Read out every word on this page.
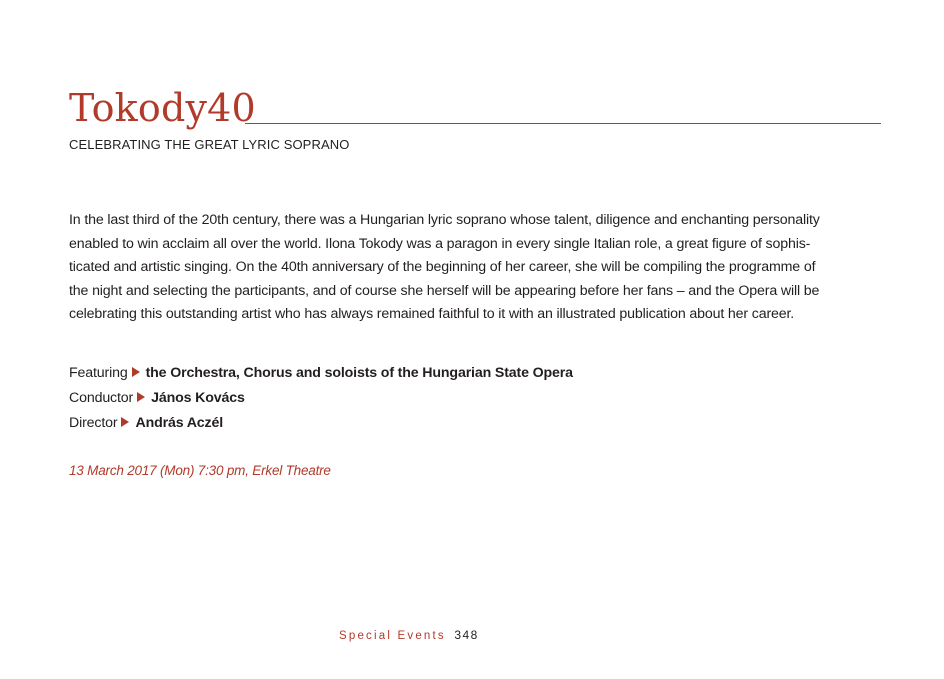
Tokody40
CELEBRATING THE GREAT LYRIC SOPRANO
In the last third of the 20th century, there was a Hungarian lyric soprano whose talent, diligence and enchanting personality
enabled to win acclaim all over the world. Ilona Tokody was a paragon in every single Italian role, a great figure of sophis-
ticated and artistic singing. On the 40th anniversary of the beginning of her career, she will be compiling the programme of
the night and selecting the participants, and of course she herself will be appearing before her fans – and the Opera will be
celebrating this outstanding artist who has always remained faithful to it with an illustrated publication about her career.
Featuring the Orchestra, Chorus and soloists of the Hungarian State Opera
Conductor János Kovács
Director András Aczél
13 March 2017 (Mon) 7:30 pm, Erkel Theatre
Special Events 348
